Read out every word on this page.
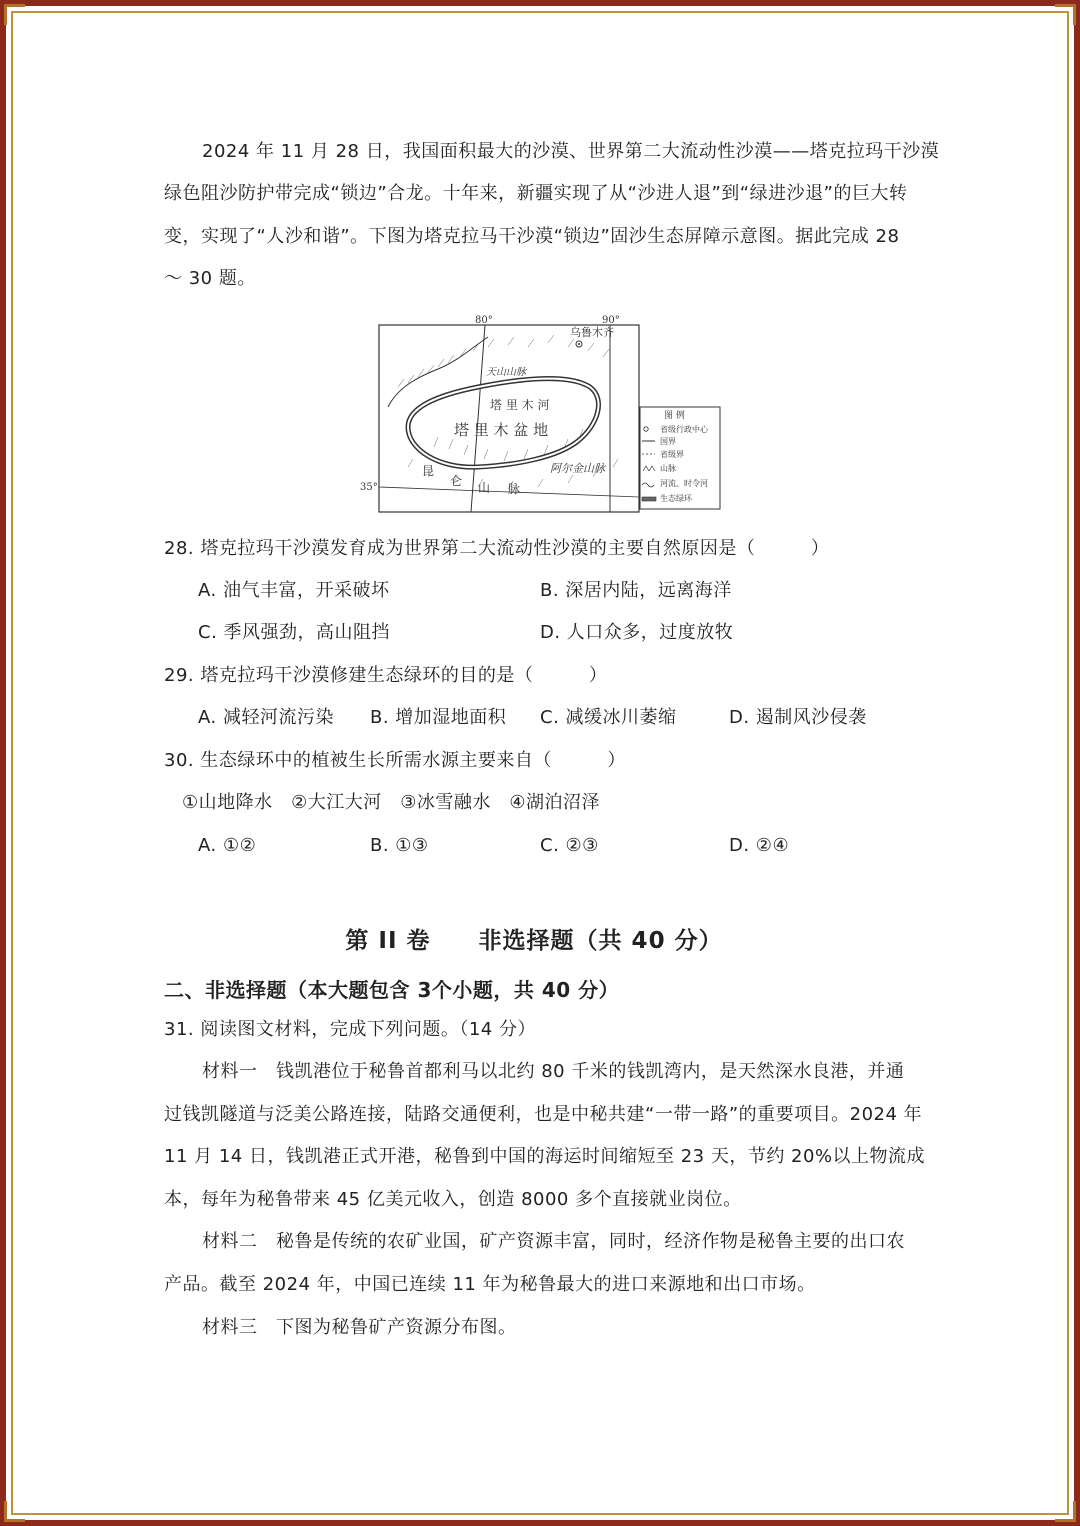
2024 年 11 月 28 日，我国面积最大的沙漠、世界第二大流动性沙漠——塔克拉玛干沙漠
绿色阻沙防护带完成“锁边”合龙。十年来，新疆实现了从“沙进人退”到“绿进沙退”的巨大转
变，实现了“人沙和谐”。下图为塔克拉马干沙漠“锁边”固沙生态屏障示意图。据此完成 28
～ 30 题。
80°	90°
35°
乌鲁木齐
天山山脉
塔 里 木 河
塔 里 木 盆 地
阿尔金山脉
昆
仑 山 脉
图 例
省级行政中心
国界
省级界
山脉
河流、时令河
生态绿环
28. 塔克拉玛干沙漠发育成为世界第二大流动性沙漠的主要自然原因是（　　　）
A. 油气丰富，开采破坏	B. 深居内陆，远离海洋
C. 季风强劲，高山阻挡	D. 人口众多，过度放牧
29. 塔克拉玛干沙漠修建生态绿环的目的是（　　　）
A. 减轻河流污染 B. 增加湿地面积 C. 减缓冰川萎缩	D. 遏制风沙侵袭
30. 生态绿环中的植被生长所需水源主要来自（　　　）
①山地降水　②大江大河　③冰雪融水　④湖泊沼泽
A. ①②	B. ①③	C. ②③	D. ②④
第 II 卷　　非选择题（共 40 分）
二、非选择题（本大题包含 3个小题，共 40 分）
31. 阅读图文材料，完成下列问题。（14 分）
材料一　钱凯港位于秘鲁首都利马以北约 80 千米的钱凯湾内，是天然深水良港，并通
过钱凯隧道与泛美公路连接，陆路交通便利，也是中秘共建“一带一路”的重要项目。2024 年
11 月 14 日，钱凯港正式开港，秘鲁到中国的海运时间缩短至 23 天，节约 20%以上物流成
本，每年为秘鲁带来 45 亿美元收入，创造 8000 多个直接就业岗位。
材料二　秘鲁是传统的农矿业国，矿产资源丰富，同时，经济作物是秘鲁主要的出口农
产品。截至 2024 年，中国已连续 11 年为秘鲁最大的进口来源地和出口市场。
材料三　下图为秘鲁矿产资源分布图。
